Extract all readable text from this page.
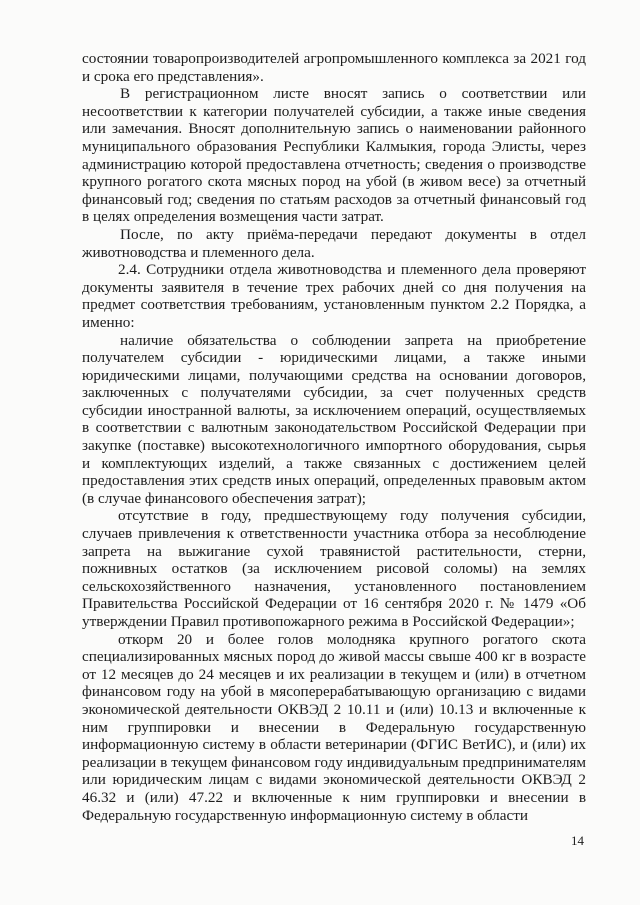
состоянии товаропроизводителей агропромышленного комплекса за 2021 год и срока его представления».

В регистрационном листе вносят запись о соответствии или несоответствии к категории получателей субсидии, а также иные сведения или замечания. Вносят дополнительную запись о наименовании районного муниципального образования Республики Калмыкия, города Элисты, через администрацию которой предоставлена отчетность; сведения о производстве крупного рогатого скота мясных пород на убой (в живом весе) за отчетный финансовый год; сведения по статьям расходов за отчетный финансовый год в целях определения возмещения части затрат.

После, по акту приёма-передачи передают документы в отдел животноводства и племенного дела.

2.4. Сотрудники отдела животноводства и племенного дела проверяют документы заявителя в течение трех рабочих дней со дня получения на предмет соответствия требованиям, установленным пунктом 2.2 Порядка, а именно:

наличие обязательства о соблюдении запрета на приобретение получателем субсидии - юридическими лицами, а также иными юридическими лицами, получающими средства на основании договоров, заключенных с получателями субсидии, за счет полученных средств субсидии иностранной валюты, за исключением операций, осуществляемых в соответствии с валютным законодательством Российской Федерации при закупке (поставке) высокотехнологичного импортного оборудования, сырья и комплектующих изделий, а также связанных с достижением целей предоставления этих средств иных операций, определенных правовым актом (в случае финансового обеспечения затрат);

отсутствие в году, предшествующему году получения субсидии, случаев привлечения к ответственности участника отбора за несоблюдение запрета на выжигание сухой травянистой растительности, стерни, пожнивных остатков (за исключением рисовой соломы) на землях сельскохозяйственного назначения, установленного постановлением Правительства Российской Федерации от 16 сентября 2020 г. № 1479 «Об утверждении Правил противопожарного режима в Российской Федерации»;

откорм 20 и более голов молодняка крупного рогатого скота специализированных мясных пород до живой массы свыше 400 кг в возрасте от 12 месяцев до 24 месяцев и их реализации в текущем и (или) в отчетном финансовом году на убой в мясоперерабатывающую организацию с видами экономической деятельности ОКВЭД 2 10.11 и (или) 10.13 и включенные к ним группировки и внесении в Федеральную государственную информационную систему в области ветеринарии (ФГИС ВетИС), и (или) их реализации в текущем финансовом году индивидуальным предпринимателям или юридическим лицам с видами экономической деятельности ОКВЭД 2 46.32 и (или) 47.22 и включенные к ним группировки и внесении в Федеральную государственную информационную систему в области

14
